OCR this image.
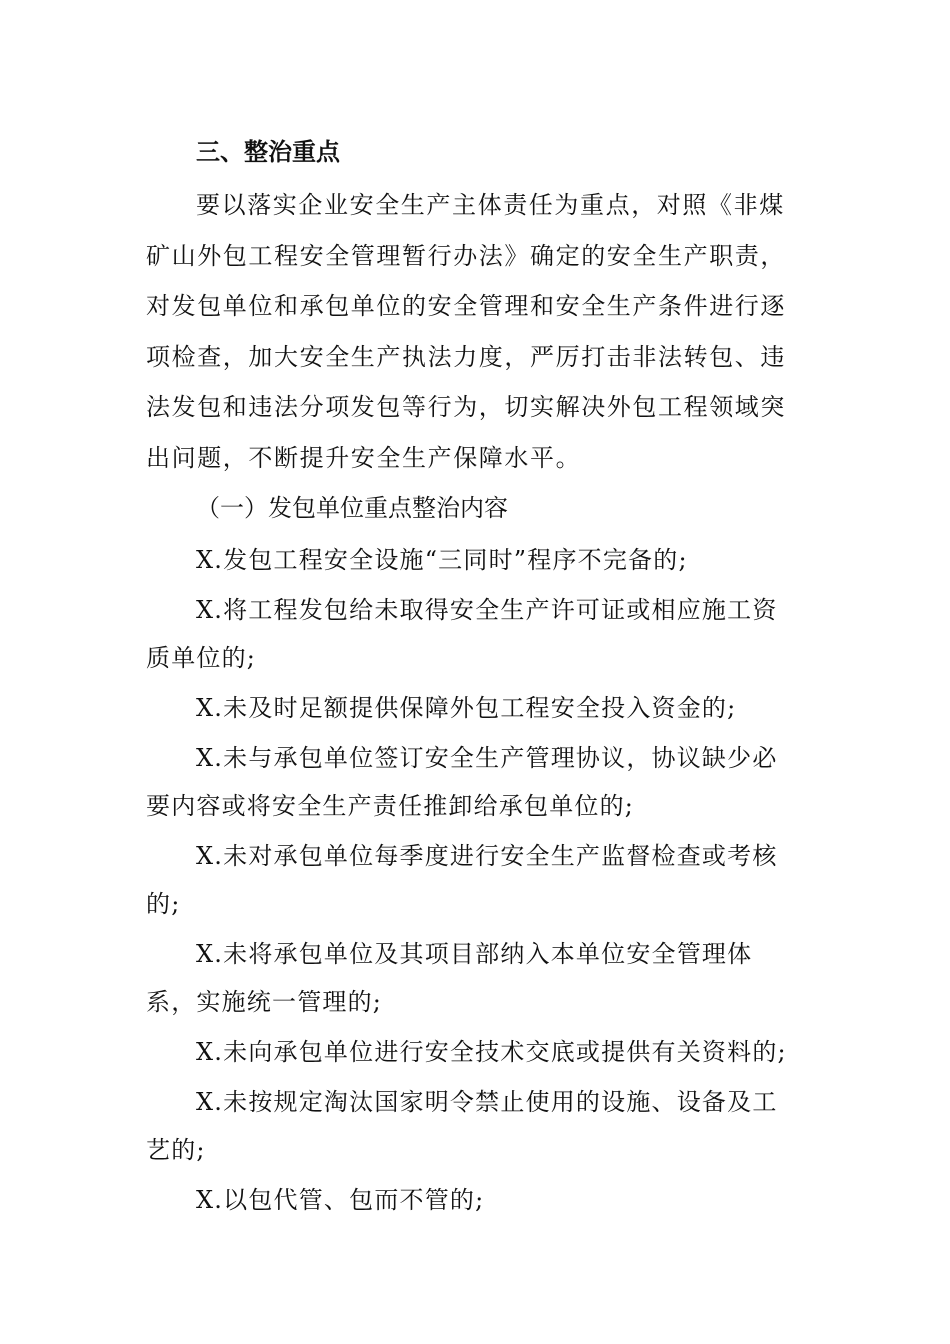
三、整治重点

要以落实企业安全生产主体责任为重点，对照《非煤矿山外包工程安全管理暂行办法》确定的安全生产职责，对发包单位和承包单位的安全管理和安全生产条件进行逐项检查，加大安全生产执法力度，严厉打击非法转包、违法发包和违法分项发包等行为，切实解决外包工程领域突出问题，不断提升安全生产保障水平。

（一）发包单位重点整治内容

X.发包工程安全设施“三同时”程序不完备的;

X.将工程发包给未取得安全生产许可证或相应施工资质单位的;

X.未及时足额提供保障外包工程安全投入资金的;

X.未与承包单位签订安全生产管理协议，协议缺少必要内容或将安全生产责任推卸给承包单位的;

X.未对承包单位每季度进行安全生产监督检查或考核的;

X.未将承包单位及其项目部纳入本单位安全管理体系，实施统一管理的;

X.未向承包单位进行安全技术交底或提供有关资料的;

X.未按规定淘汰国家明令禁止使用的设施、设备及工艺的;

X.以包代管、包而不管的;
